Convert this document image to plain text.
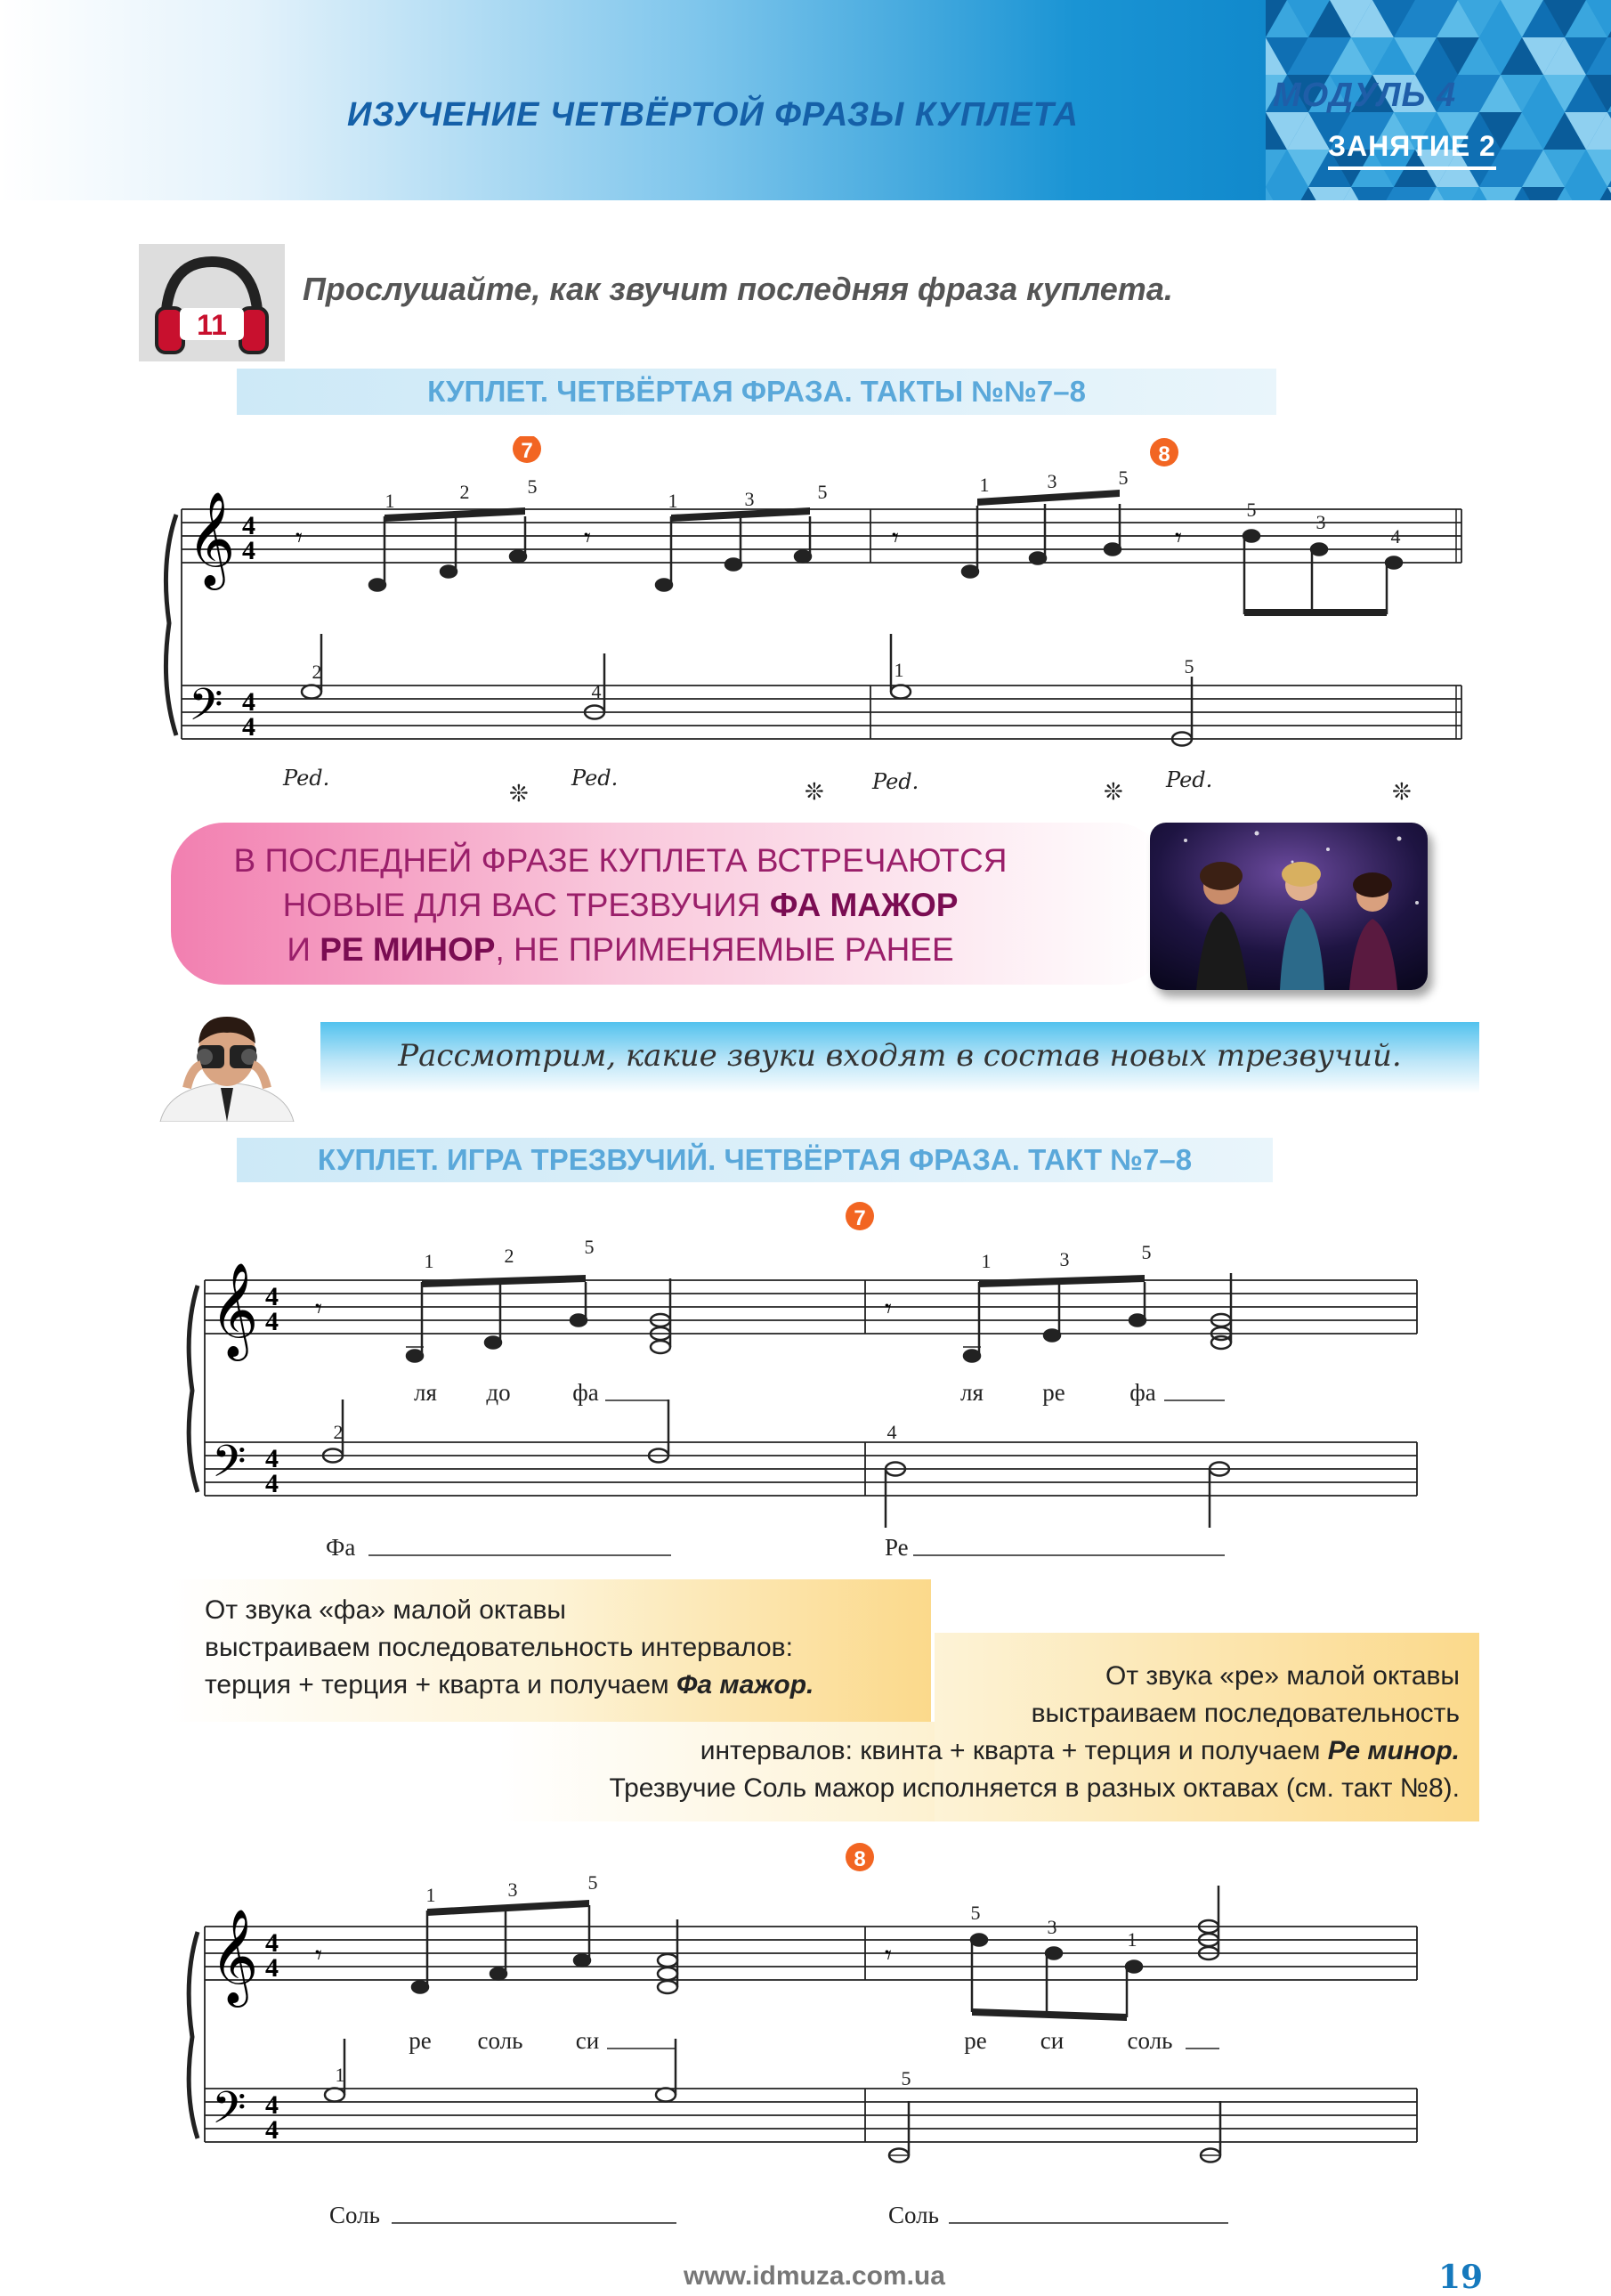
ИЗУЧЕНИЕ ЧЕТВЁРТОЙ ФРАЗЫ КУПЛЕТА
МОДУЛЬ 4
ЗАНЯТИЕ 2
11
Прослушайте, как звучит последняя фраза куплета.
КУПЛЕТ. ЧЕТВЁРТАЯ ФРАЗА. ТАКТЫ №№7–8
𝄞
𝄢
4
4
4
4
7	8
𝄾	𝄾	𝄾	𝄾
1	2	5
1	3	5	1	3	5
5
3
4
2
4
1	5
Ped.	Ped.	Ped.	Ped.
❊	❊	❊	❊
В ПОСЛЕДНЕЙ ФРАЗЕ КУПЛЕТА ВСТРЕЧАЮТСЯ
НОВЫЕ ДЛЯ ВАС ТРЕЗВУЧИЯ ФА МАЖОР
И РЕ МИНОР, НЕ ПРИМЕНЯЕМЫЕ РАНЕЕ
Рассмотрим, какие звуки входят в состав новых трезвучий.
КУПЛЕТ. ИГРА ТРЕЗВУЧИЙ. ЧЕТВЁРТАЯ ФРАЗА. ТАКТ №7–8
7
𝄞
𝄢
4
4
4
4
𝄾	𝄾
1	2	5
1	3	5
ля до	фа	ля ре	фа
2	4
Фа	Ре
От звука «фа» малой октавы
выстраиваем последовательность интервалов:
терция + терция + кварта и получаем Фа мажор.	От звука «ре» малой октавы
выстраиваем последовательность
интервалов: квинта + кварта + терция и получаем Ре минор.
Трезвучие Соль мажор исполняется в разных октавах (см. такт №8).
8
𝄞
𝄢
4
4
4
4
𝄾	𝄾
1	3	5
5
3
1
ре соль си	ре си	соль
1	5
Соль	Соль
www.idmuza.com.ua	19
